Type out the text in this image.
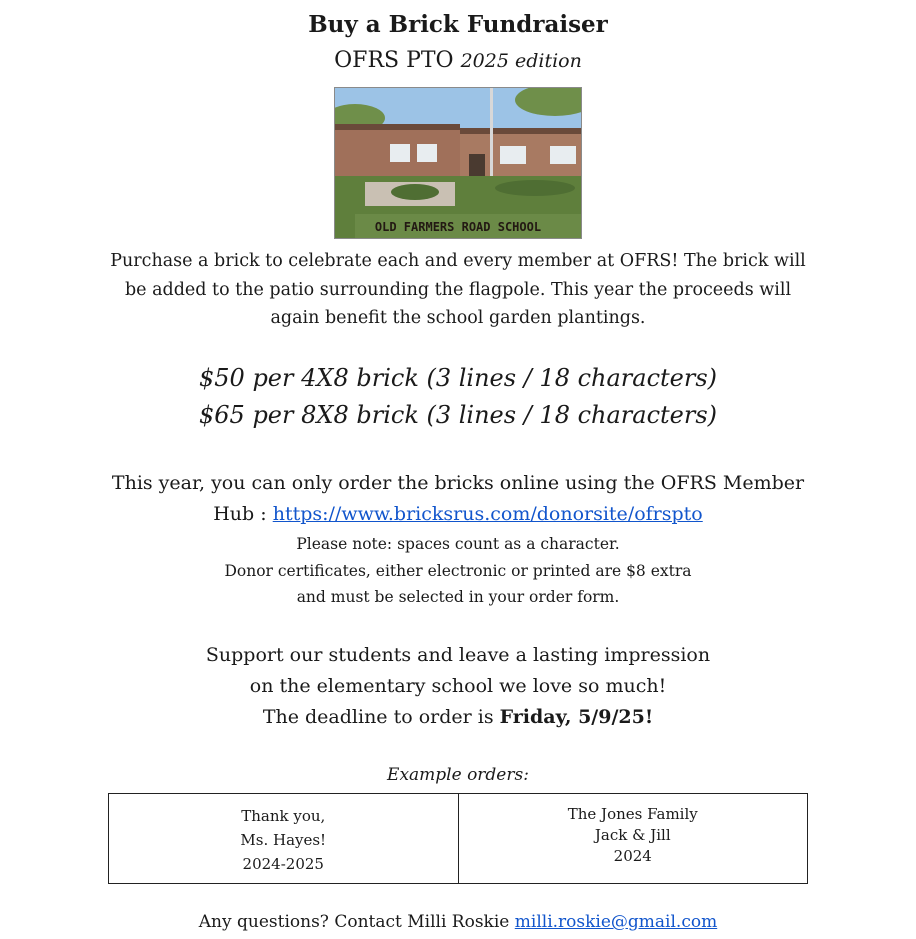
Buy a Brick Fundraiser
OFRS PTO 2025 edition
OLD FARMERS ROAD SCHOOL
Purchase a brick to celebrate each and every member at OFRS! The brick will be added to the patio surrounding the flagpole. This year the proceeds will again benefit the school garden plantings.
$50 per 4X8 brick (3 lines / 18 characters)
$65 per 8X8 brick (3 lines / 18 characters)
This year, you can only order the bricks online using the OFRS Member Hub : https://www.bricksrus.com/donorsite/ofrspto
Please note: spaces count as a character.
Donor certificates, either electronic or printed are $8 extra
and must be selected in your order form.
Support our students and leave a lasting impression
on the elementary school we love so much!
The deadline to order is Friday, 5/9/25!
Example orders:
Thank you,
Ms. Hayes!
2024-2025
The Jones Family
Jack & Jill
2024
Any questions? Contact Milli Roskie milli.roskie@gmail.com
